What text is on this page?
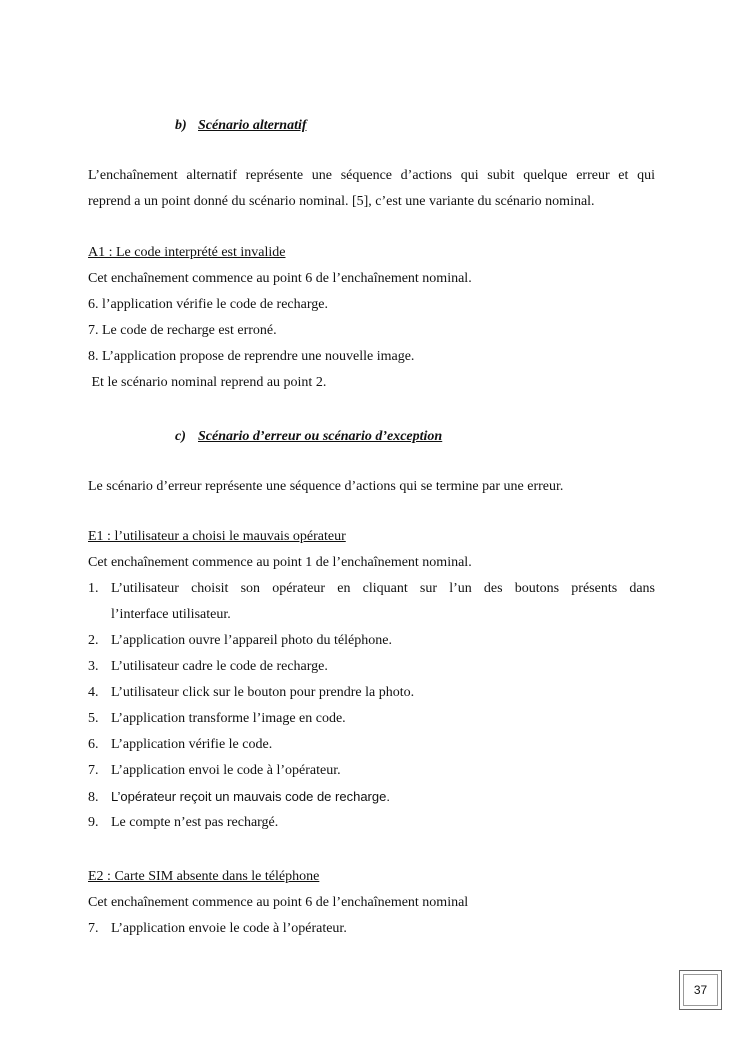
b) Scénario alternatif
L’enchaînement alternatif représente une séquence d’actions qui subit quelque erreur et qui
reprend a un point donné du scénario nominal. [5], c’est une variante du scénario nominal.
A1 : Le code interprété est invalide
Cet enchaînement commence au point 6 de l’enchaînement nominal.
6. l’application vérifie le code de recharge.
7. Le code de recharge est erroné.
8. L’application propose de reprendre une nouvelle image.
Et le scénario nominal reprend au point 2.
c) Scénario d’erreur ou scénario d’exception
Le scénario d’erreur représente une séquence d’actions qui se termine par une erreur.
E1 : l’utilisateur a choisi le mauvais opérateur
Cet enchaînement commence au point 1 de l’enchaînement nominal.
1. L’utilisateur choisit son opérateur en cliquant sur l’un des boutons présents dans
l’interface utilisateur.
2. L’application ouvre l’appareil photo du téléphone.
3. L’utilisateur cadre le code de recharge.
4. L’utilisateur click sur le bouton pour prendre la photo.
5. L’application transforme l’image en code.
6. L’application vérifie le code.
7. L’application envoi le code à l’opérateur.
8. L’opérateur reçoit un mauvais code de recharge.
9. Le compte n’est pas rechargé.
E2 : Carte SIM absente dans le téléphone
Cet enchaînement commence au point 6 de l’enchaînement nominal
7. L’application envoie le code à l’opérateur.
37
